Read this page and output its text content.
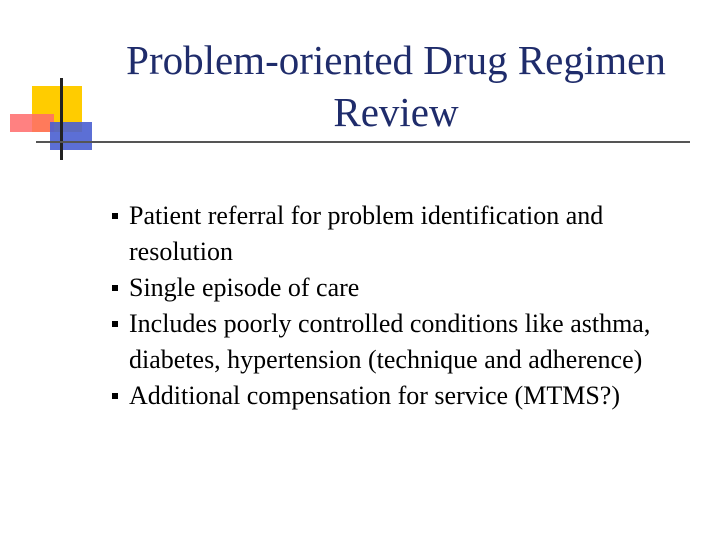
Problem-oriented Drug Regimen
Review
Patient referral for problem identification and resolution
Single episode of care
Includes poorly controlled conditions like asthma, diabetes, hypertension (technique and adherence)
Additional compensation for service (MTMS?)
